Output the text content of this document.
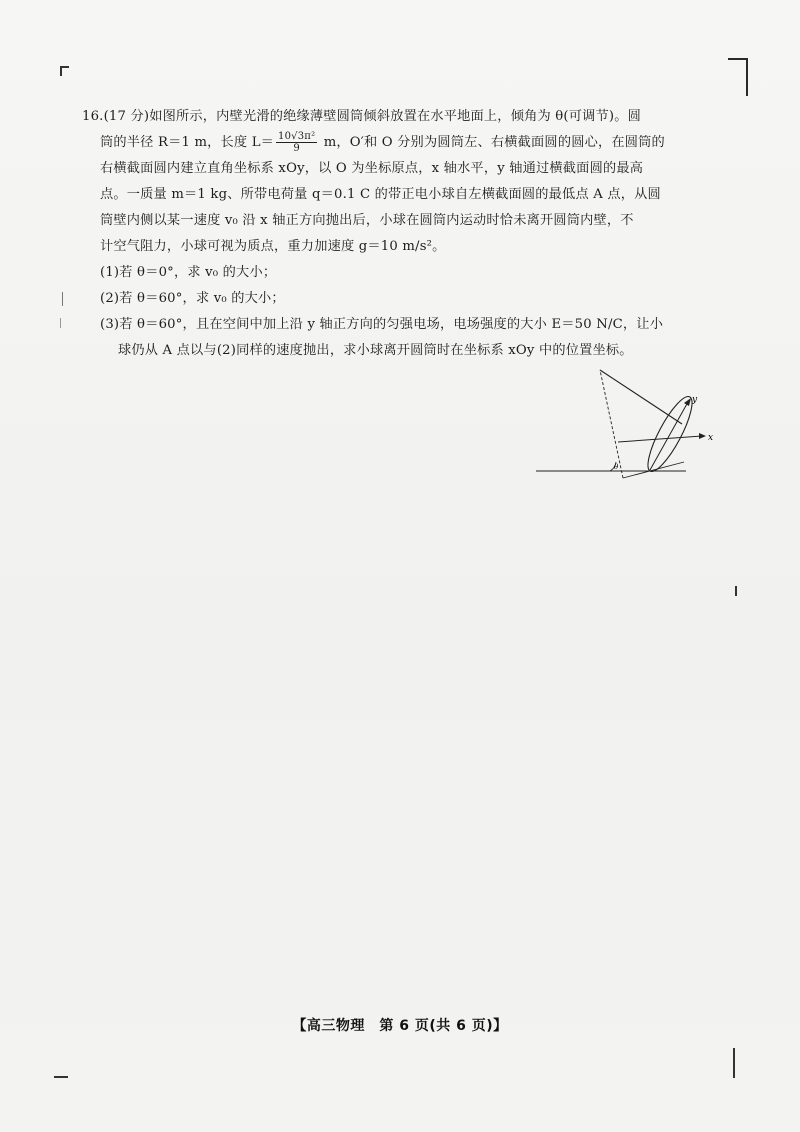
16.(17 分)如图所示，内壁光滑的绝缘薄壁圆筒倾斜放置在水平地面上，倾角为 θ(可调节)。圆
筒的半径 R＝1 m，长度 $L= \frac{\text{10√3π²}}{9}$ m，O′和 O 分别为圆筒左、右横截面圆的圆心，在圆筒的
右横截面圆内建立直角坐标系 xOy，以 O 为坐标原点，x 轴水平，y 轴通过横截面圆的最高
点。一质量 m＝1 kg、所带电荷量 q＝0.1 C 的带正电小球自左横截面圆的最低点 A 点，从圆
筒壁内侧以某一速度 v₀ 沿 x 轴正方向抛出后，小球在圆筒内运动时恰未离开圆筒内壁，不
计空气阻力，小球可视为质点，重力加速度 g＝10 m/s²。
(1)若 θ＝0°，求 v₀ 的大小；
(2)若 θ＝60°，求 v₀ 的大小；
(3)若 θ＝60°，且在空间中加上沿 y 轴正方向的匀强电场，电场强度的大小 E＝50 N/C，让小
球仍从 A 点以与(2)同样的速度抛出，求小球离开圆筒时在坐标系 xOy 中的位置坐标。
y
x
θ
【高三物理　第 6 页(共 6 页)】
